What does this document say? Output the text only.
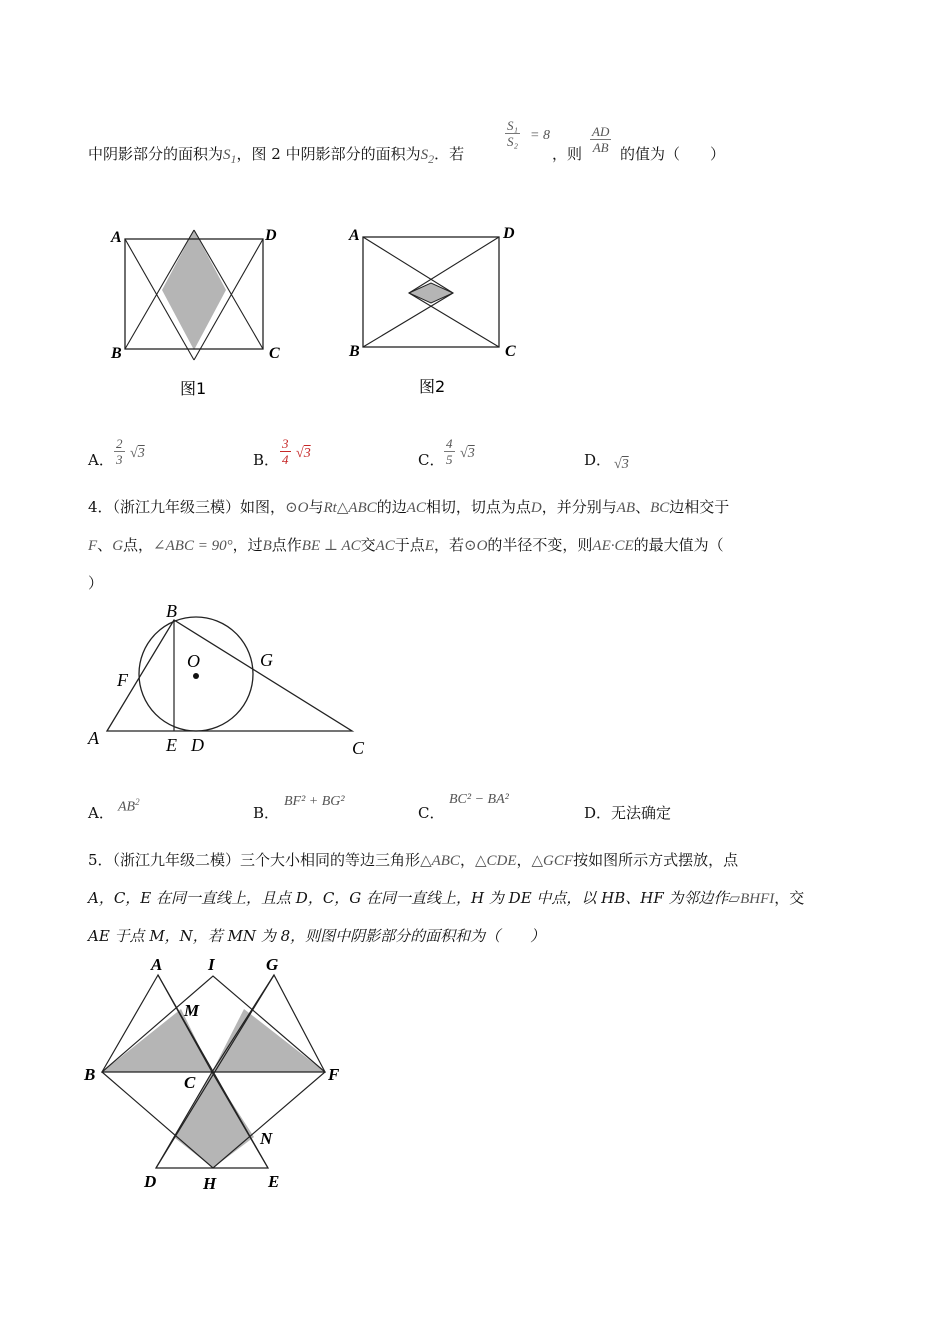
中阴影部分的面积为$S_1$，图 2 中阴影部分的面积为$S_2$．若
$\frac{\text{S₁}}{\text{S₂}} = 8$
，则 $\frac{AD}{AB}$ 的值为（　　）
A	D
B	C
图1
A	D
B	C
图2
A． $\frac{2}{3} √3$	B． $\frac{3}{4} √3$	C． $\frac{4}{5} √3$	D． √3
4．（浙江九年级三模）如图，⊙O与Rt△ABC的边AC相切，切点为点D，并分别与AB、BC边相交于
F、G点，∠ABC = 90°，过B点作BE ⊥ AC交AC于点E，若⊙O的半径不变，则AE·CE的最大值为（
）
B
O	G
F
A	E D	C
A． $AB^2$
B．
BF² + BG²
C．
BC² − BA²
D．无法确定
5．（浙江九年级二模）三个大小相同的等边三角形△ABC，△CDE，△GCF按如图所示方式摆放，点
A，C，E 在同一直线上，且点 D，C，G 在同一直线上，H 为 DE 中点，以 HB、HF 为邻边作▱BHFI，交
AE 于点 M，N，若 MN 为 8，则图中阴影部分的面积和为（　　）
A	I	G
M
B	C	F
N
D	H	E
